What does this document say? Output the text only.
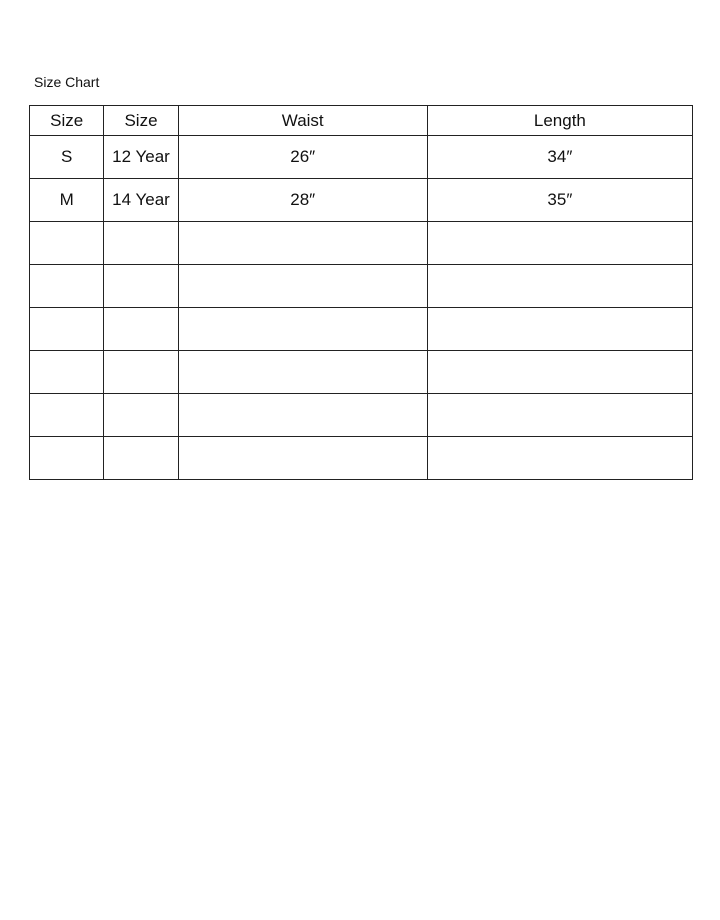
Size Chart
Size	Size	Waist	Length
S	12 Year	26″	34″
M	14 Year	28″	35″
